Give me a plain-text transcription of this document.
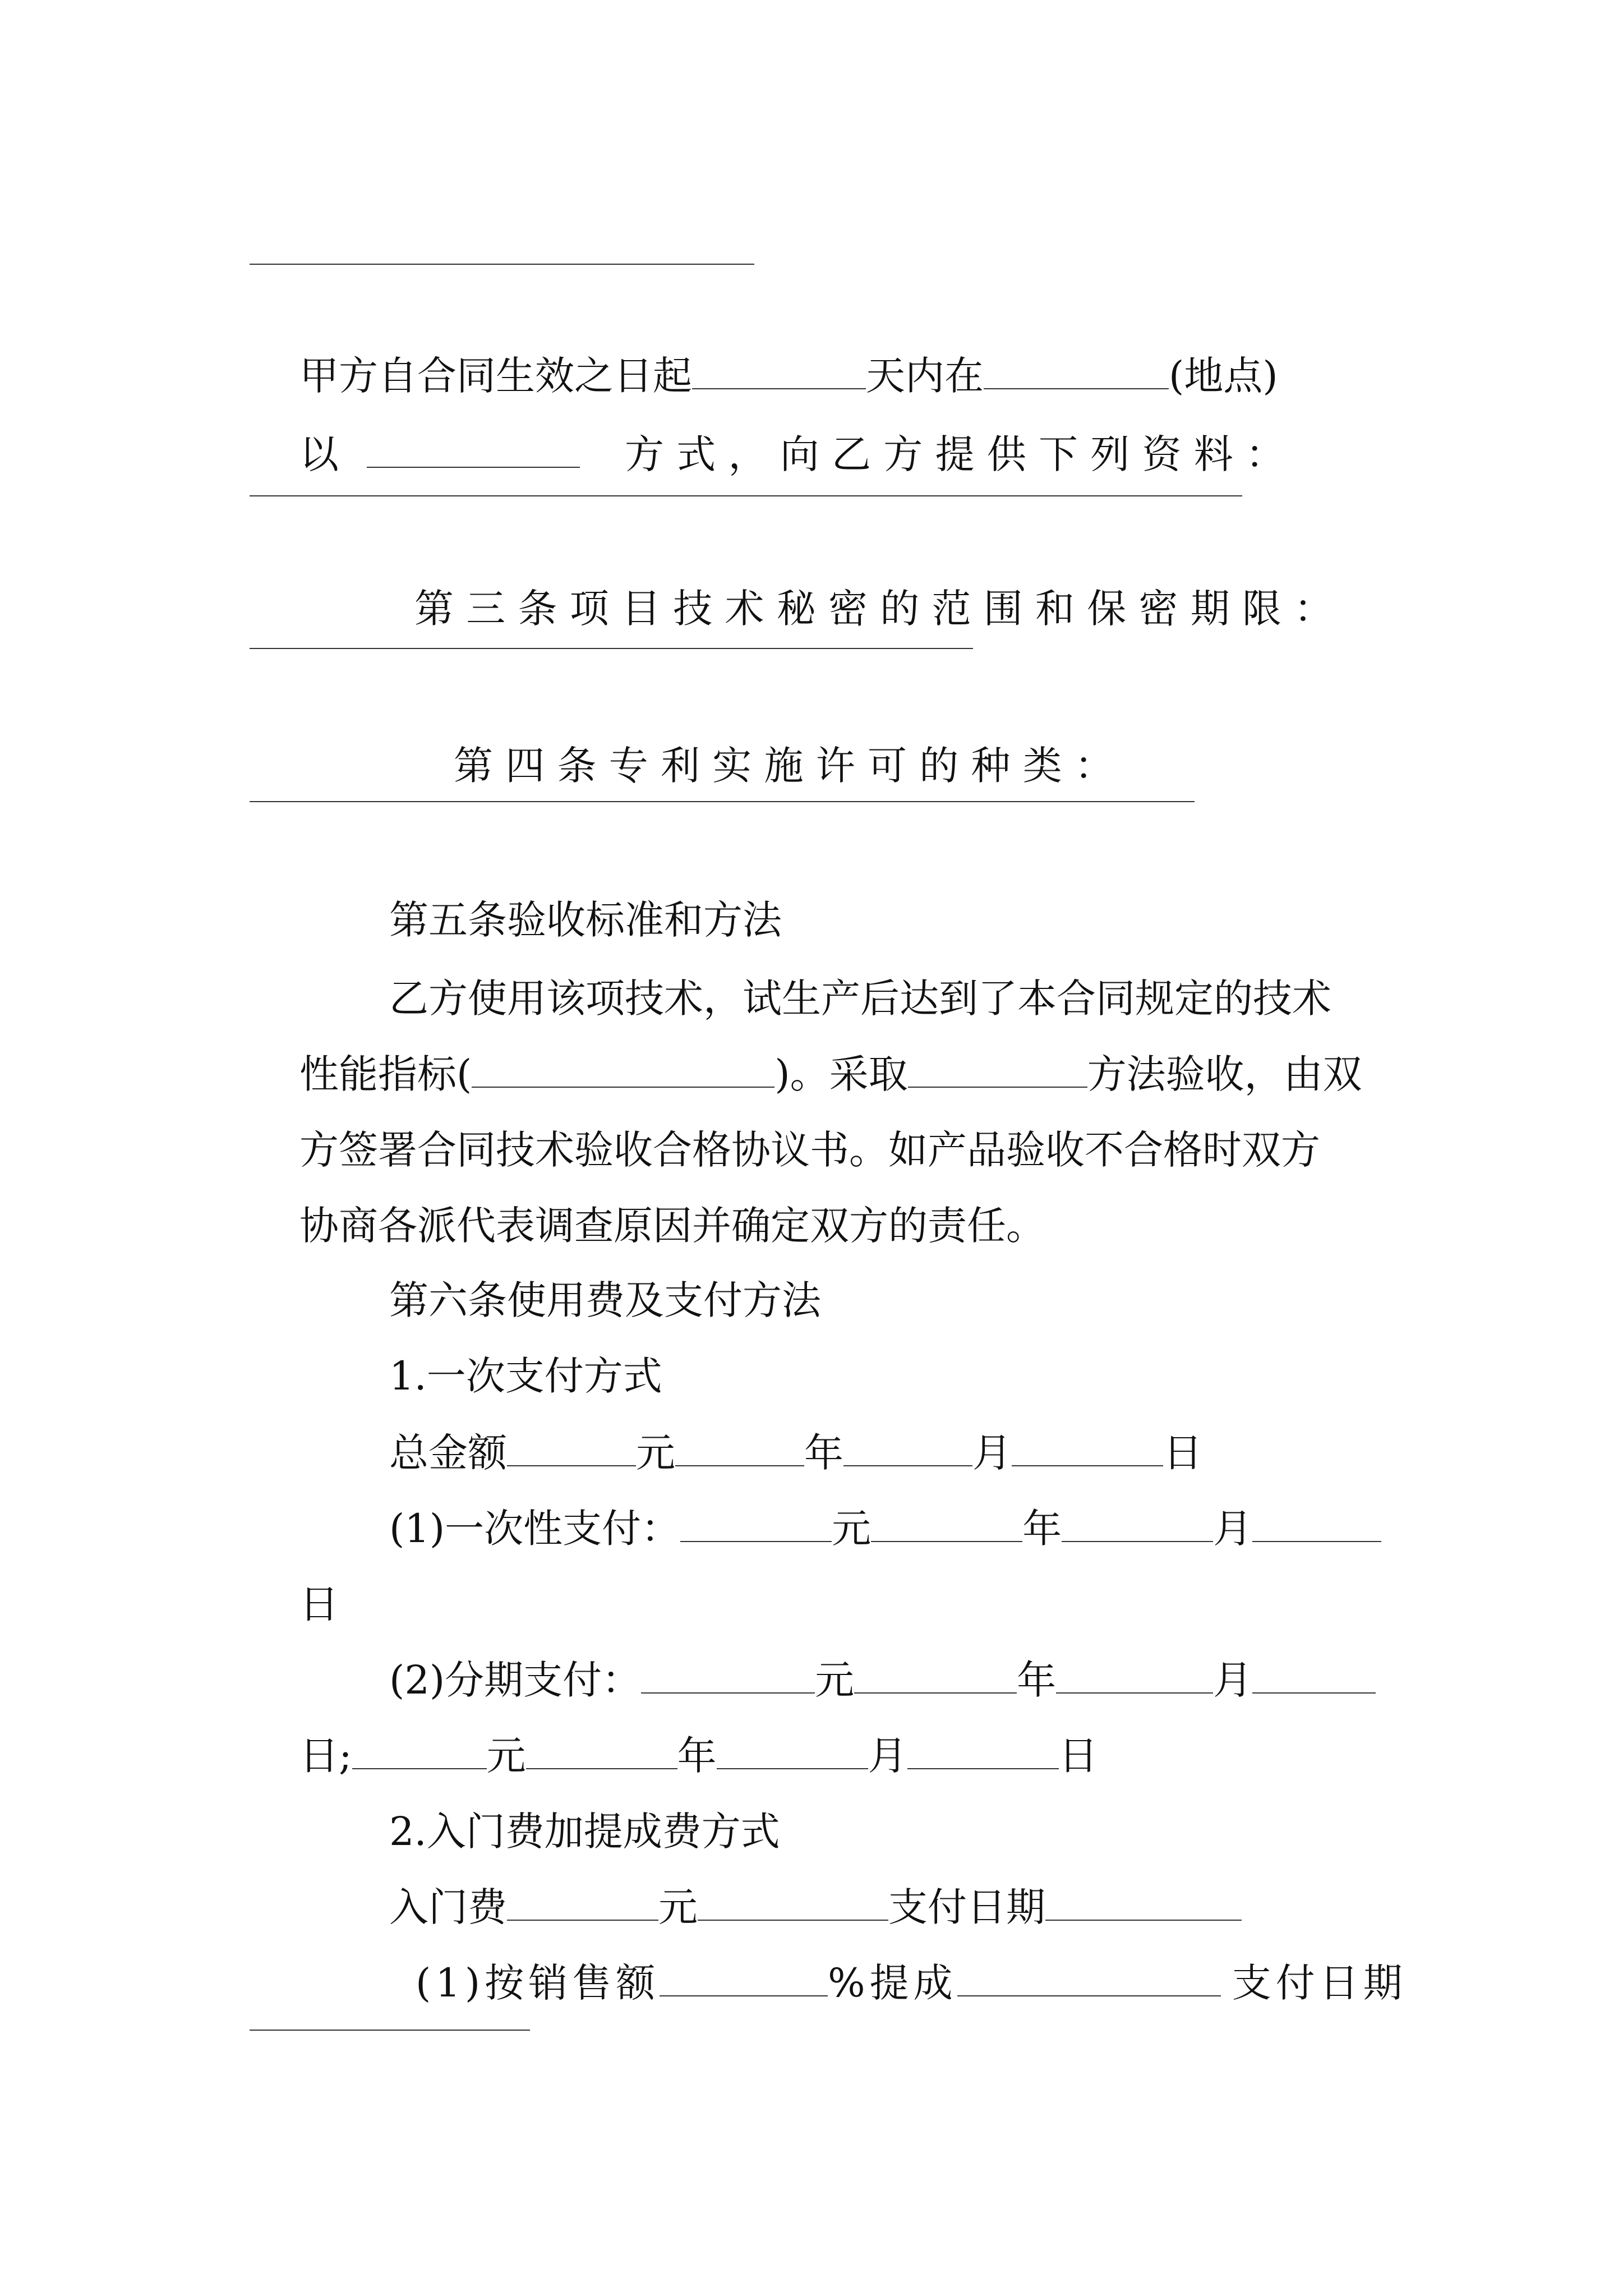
甲方自合同生效之日起	天内在	(地点)

以	方 式 ， 向 乙 方 提 供 下 列 资 料 ：

第 三 条 项 目 技 术 秘 密 的 范 围 和 保 密 期 限 ：

第 四 条 专 利 实 施 许 可 的 种 类 ：

第五条验收标准和方法

乙方使用该项技术，试生产后达到了本合同规定的技术

性能指标(	)。采取	方法验收，由双

方签署合同技术验收合格协议书。如产品验收不合格时双方

协商各派代表调查原因并确定双方的责任。

第六条使用费及支付方法

1.一次支付方式

总金额	元	年	月	日

(1)一次性支付：	元	年	月

日

(2)分期支付：	元	年	月

日;	元	年	月	日

2.入门费加提成费方式

入门费	元	支付日期

(1)按销售额	%提成	支付日期
